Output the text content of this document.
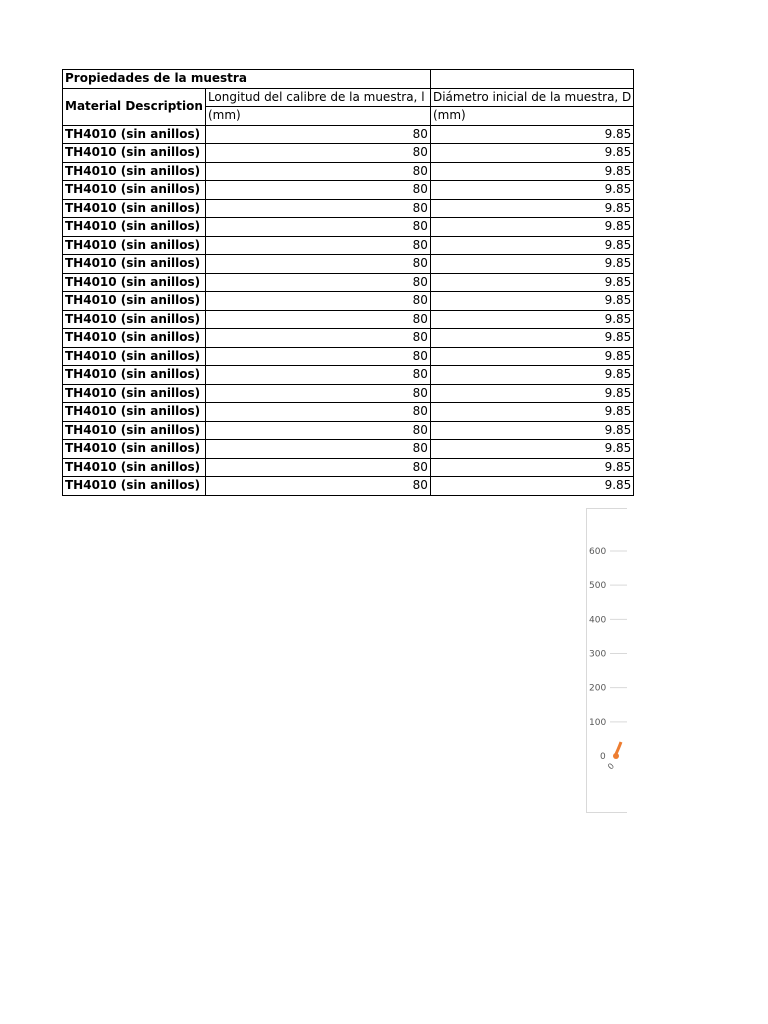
Propiedades de la muestra		
Material Description	Longitud del calibre de la muestra, l	Diámetro inicial de la muestra, D
	(mm)	(mm)
TH4010 (sin anillos)	80	9.85
TH4010 (sin anillos)	80	9.85
TH4010 (sin anillos)	80	9.85
TH4010 (sin anillos)	80	9.85
TH4010 (sin anillos)	80	9.85
TH4010 (sin anillos)	80	9.85
TH4010 (sin anillos)	80	9.85
TH4010 (sin anillos)	80	9.85
TH4010 (sin anillos)	80	9.85
TH4010 (sin anillos)	80	9.85
TH4010 (sin anillos)	80	9.85
TH4010 (sin anillos)	80	9.85
TH4010 (sin anillos)	80	9.85
TH4010 (sin anillos)	80	9.85
TH4010 (sin anillos)	80	9.85
TH4010 (sin anillos)	80	9.85
TH4010 (sin anillos)	80	9.85
TH4010 (sin anillos)	80	9.85
TH4010 (sin anillos)	80	9.85
TH4010 (sin anillos)	80	9.85
600
500
400
300
200
100
0
0
